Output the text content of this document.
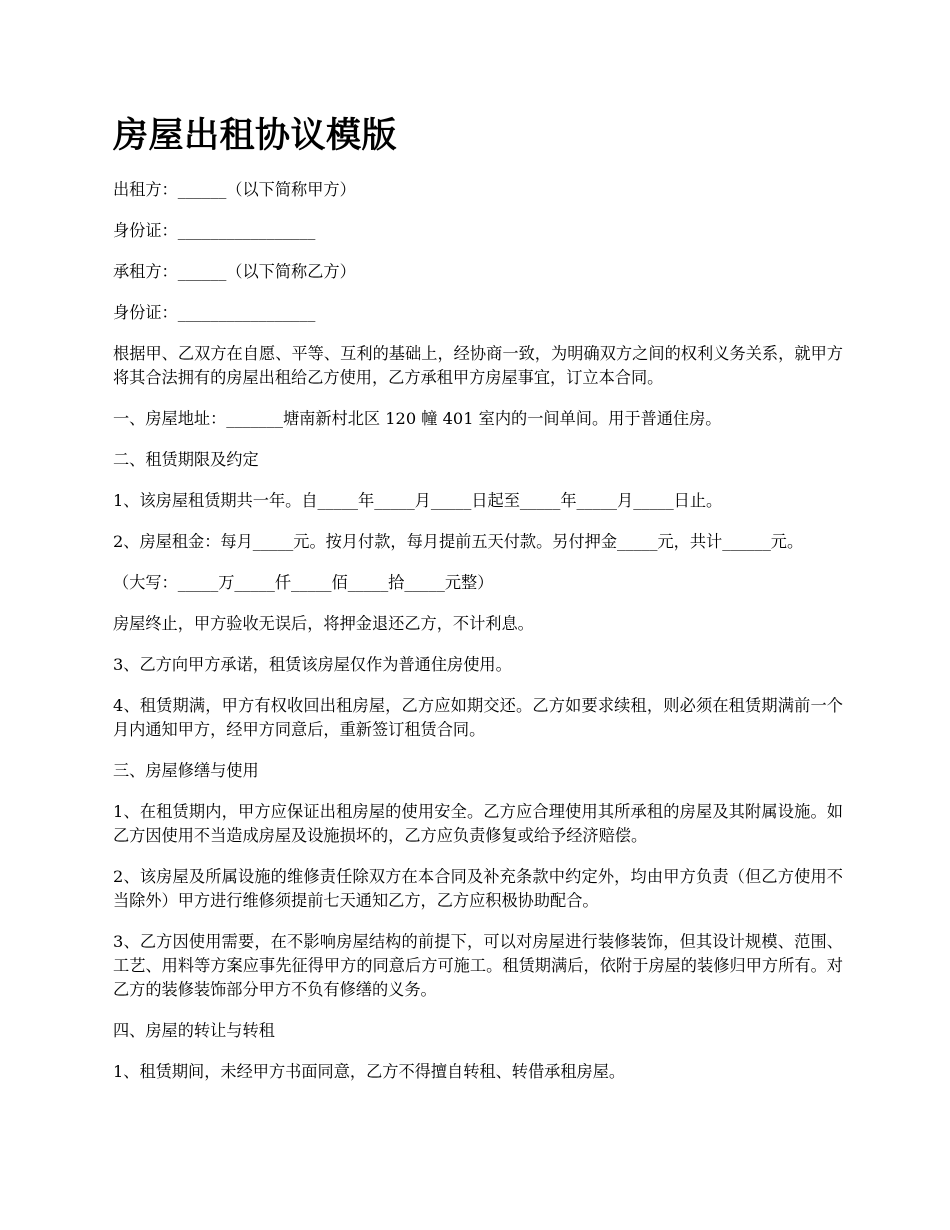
房屋出租协议模版

出租方：______（以下简称甲方）

身份证：_________________

承租方：______（以下简称乙方）

身份证：_________________

根据甲、乙双方在自愿、平等、互利的基础上，经协商一致，为明确双方之间的权利义务关系，就甲方将其合法拥有的房屋出租给乙方使用，乙方承租甲方房屋事宜，订立本合同。

一、房屋地址：_______塘南新村北区 120 幢 401 室内的一间单间。用于普通住房。

二、租赁期限及约定

1、该房屋租赁期共一年。自_____年_____月_____日起至_____年_____月_____日止。

2、房屋租金：每月_____元。按月付款，每月提前五天付款。另付押金_____元，共计______元。

（大写：_____万_____仟_____佰_____拾_____元整）

房屋终止，甲方验收无误后，将押金退还乙方，不计利息。

3、乙方向甲方承诺，租赁该房屋仅作为普通住房使用。

4、租赁期满，甲方有权收回出租房屋，乙方应如期交还。乙方如要求续租，则必须在租赁期满前一个月内通知甲方，经甲方同意后，重新签订租赁合同。

三、房屋修缮与使用

1、在租赁期内，甲方应保证出租房屋的使用安全。乙方应合理使用其所承租的房屋及其附属设施。如乙方因使用不当造成房屋及设施损坏的，乙方应负责修复或给予经济赔偿。

2、该房屋及所属设施的维修责任除双方在本合同及补充条款中约定外，均由甲方负责（但乙方使用不当除外）甲方进行维修须提前七天通知乙方，乙方应积极协助配合。

3、乙方因使用需要，在不影响房屋结构的前提下，可以对房屋进行装修装饰，但其设计规模、范围、工艺、用料等方案应事先征得甲方的同意后方可施工。租赁期满后，依附于房屋的装修归甲方所有。对乙方的装修装饰部分甲方不负有修缮的义务。

四、房屋的转让与转租

1、租赁期间，未经甲方书面同意，乙方不得擅自转租、转借承租房屋。
